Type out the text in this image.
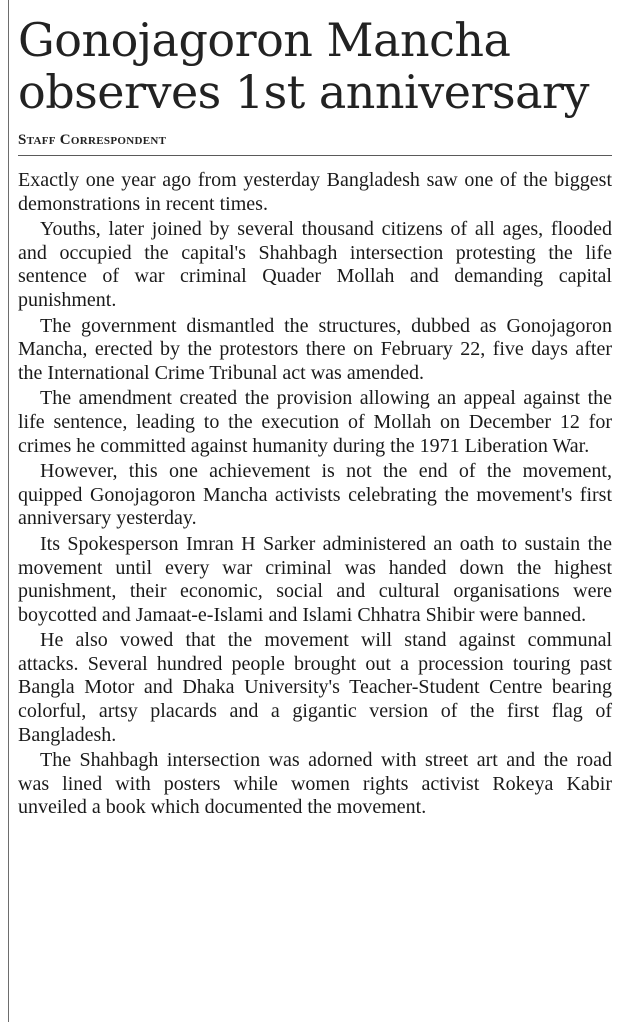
Gonojagoron Mancha
observes 1st anniversary
Staff Correspondent

Exactly one year ago from yesterday Bangladesh saw one of the biggest demonstrations in recent times.

Youths, later joined by several thousand citizens of all ages, flooded and occupied the capital's Shahbagh intersection protesting the life sentence of war criminal Quader Mollah and demanding capital punishment.

The government dismantled the structures, dubbed as Gonojagoron Mancha, erected by the protestors there on February 22, five days after the International Crime Tribunal act was amended.

The amendment created the provision allowing an appeal against the life sentence, leading to the execution of Mollah on December 12 for crimes he committed against humanity during the 1971 Liberation War.

However, this one achievement is not the end of the movement, quipped Gonojagoron Mancha activists celebrating the movement's first anniversary yesterday.

Its Spokesperson Imran H Sarker administered an oath to sustain the movement until every war criminal was handed down the highest punishment, their economic, social and cultural organisations were boycotted and Jamaat-e-Islami and Islami Chhatra Shibir were banned.

He also vowed that the movement will stand against communal attacks. Several hundred people brought out a procession touring past Bangla Motor and Dhaka University's Teacher-Student Centre bearing colorful, artsy placards and a gigantic version of the first flag of Bangladesh.

The Shahbagh intersection was adorned with street art and the road was lined with posters while women rights activist Rokeya Kabir unveiled a book which documented the movement.
